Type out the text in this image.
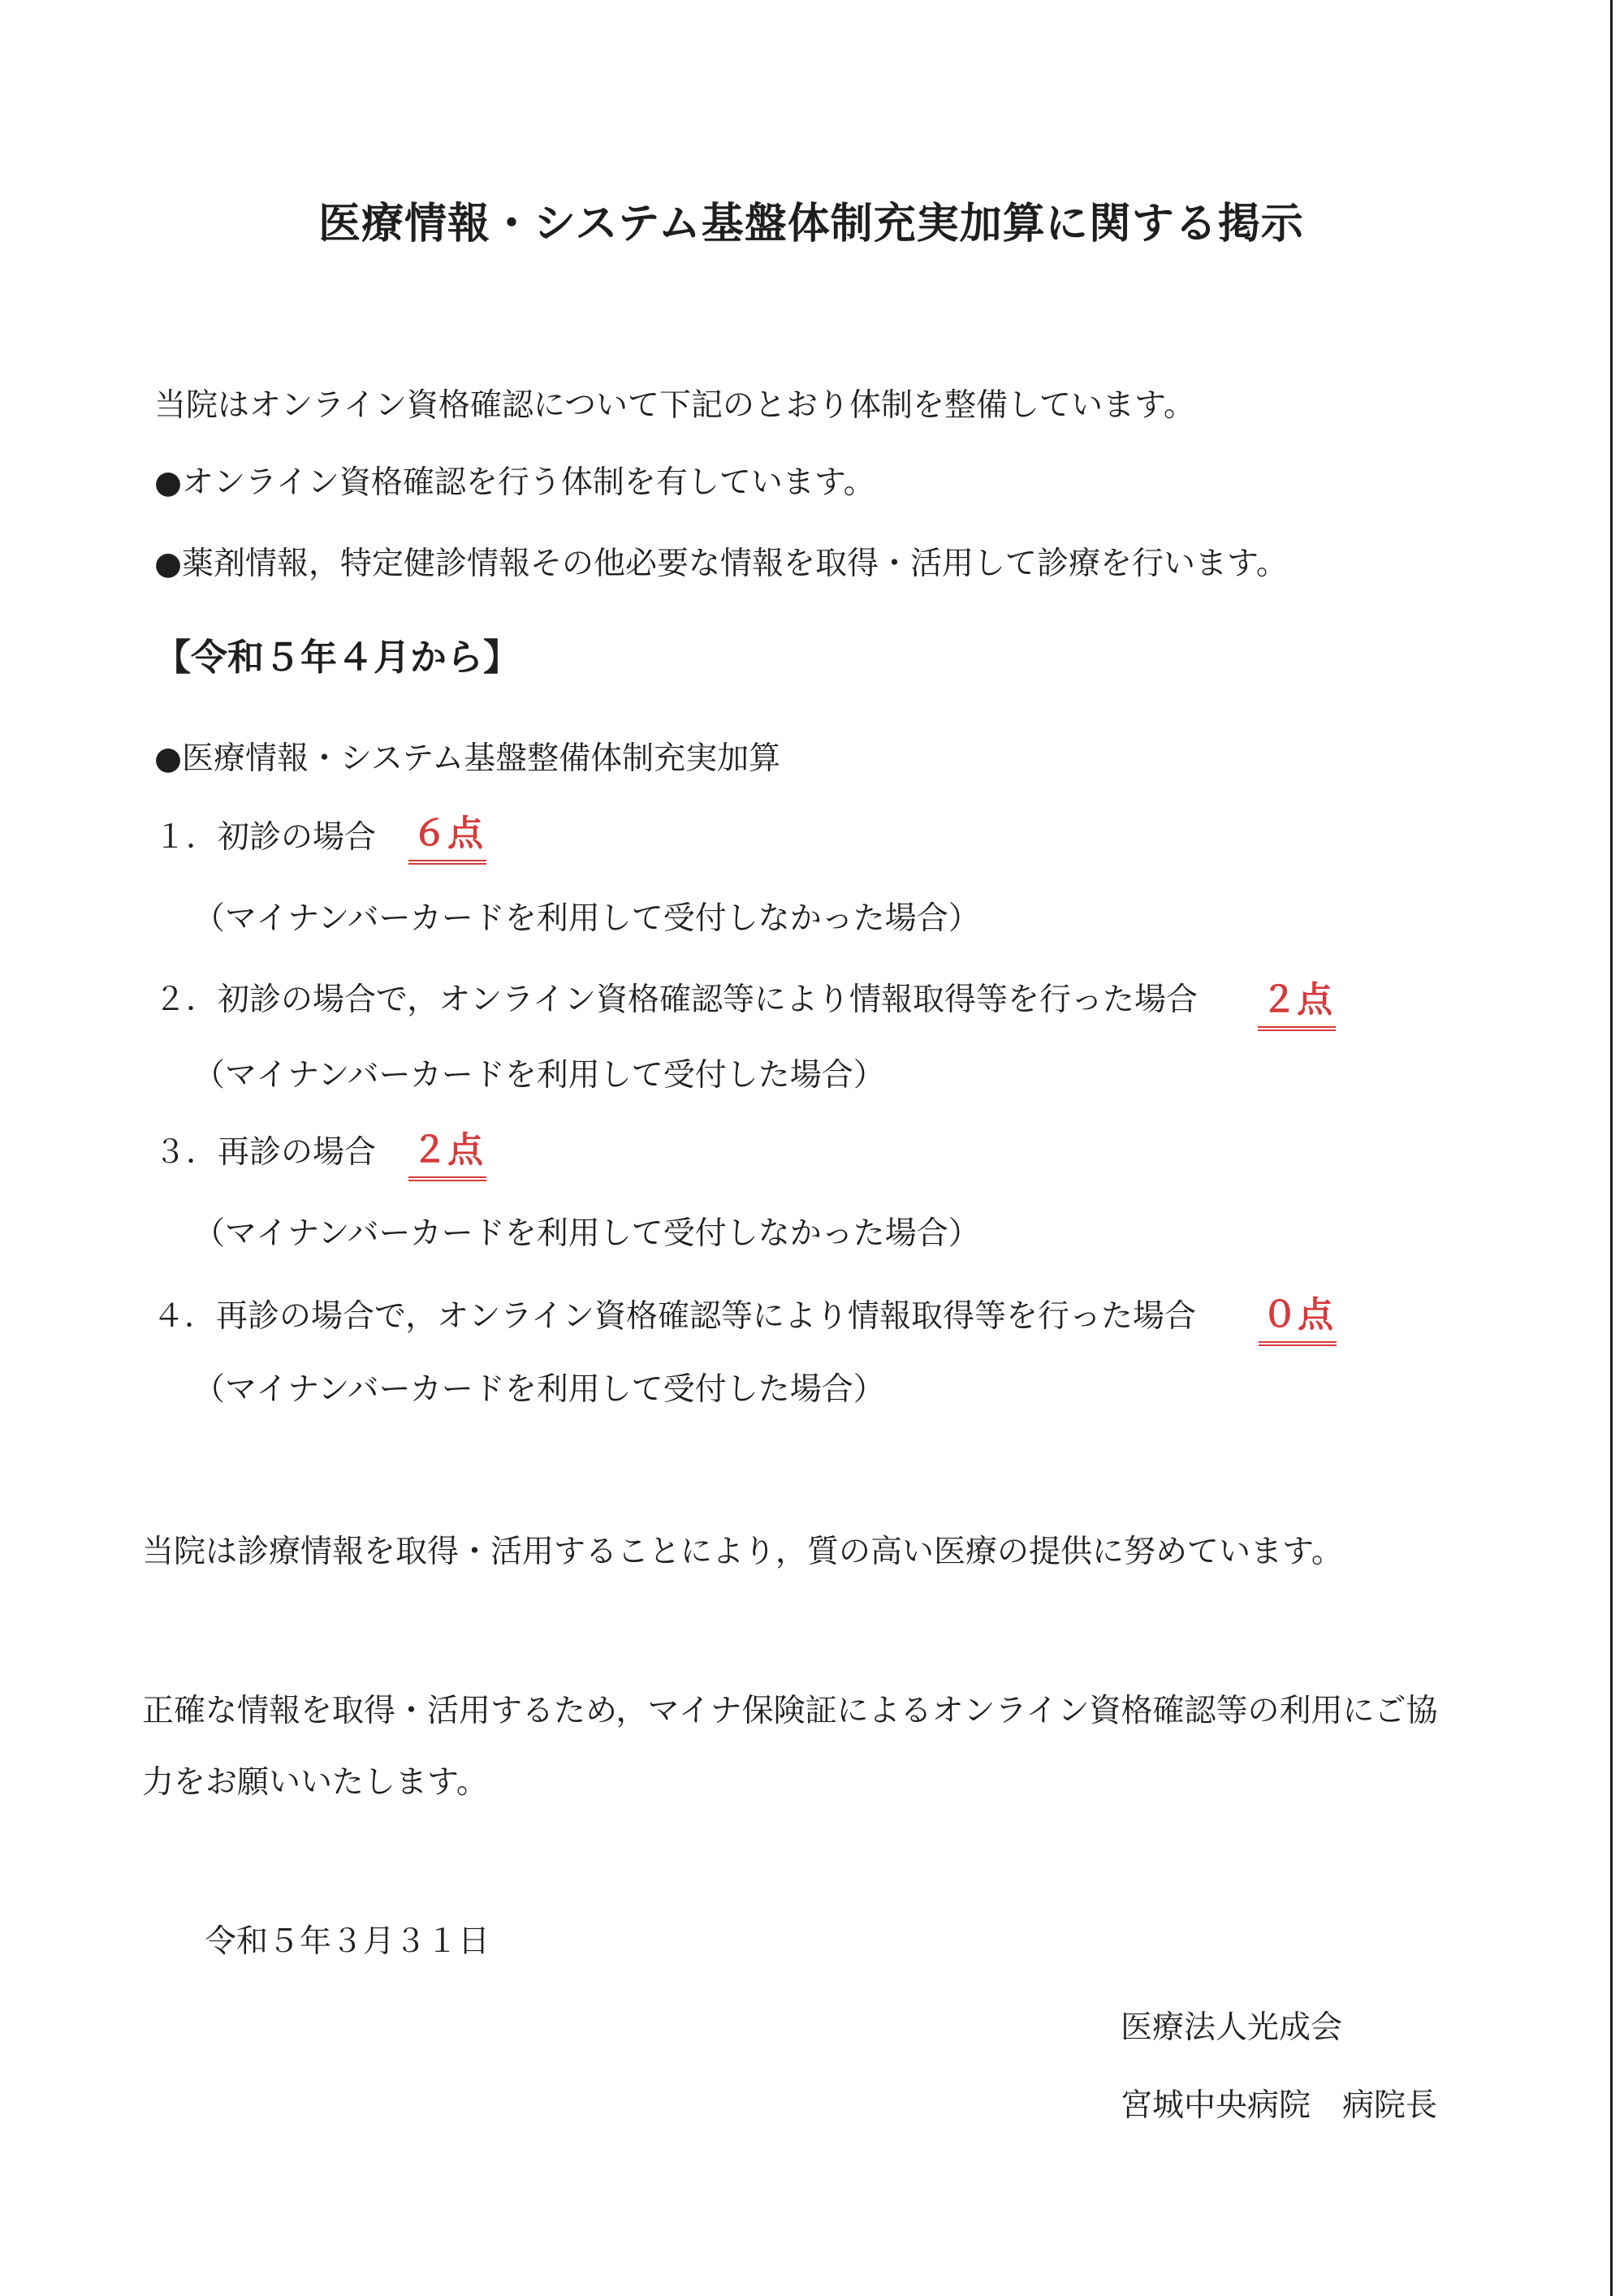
医療情報・システム基盤体制充実加算に関する掲示
当院はオンライン資格確認について下記のとおり体制を整備しています。
●オンライン資格確認を行う体制を有しています。
●薬剤情報，特定健診情報その他必要な情報を取得・活用して診療を行います。
【令和５年４月から】
●医療情報・システム基盤整備体制充実加算
１．初診の場合 ６点
（マイナンバーカードを利用して受付しなかった場合）
２．初診の場合で，オンライン資格確認等により情報取得等を行った場合 ２点
（マイナンバーカードを利用して受付した場合）
３．再診の場合 ２点
（マイナンバーカードを利用して受付しなかった場合）
４．再診の場合で，オンライン資格確認等により情報取得等を行った場合 ０点
（マイナンバーカードを利用して受付した場合）
当院は診療情報を取得・活用することにより，質の高い医療の提供に努めています。
正確な情報を取得・活用するため，マイナ保険証によるオンライン資格確認等の利用にご協
力をお願いいたします。
令和５年３月３１日
医療法人光成会
宮城中央病院　病院長
